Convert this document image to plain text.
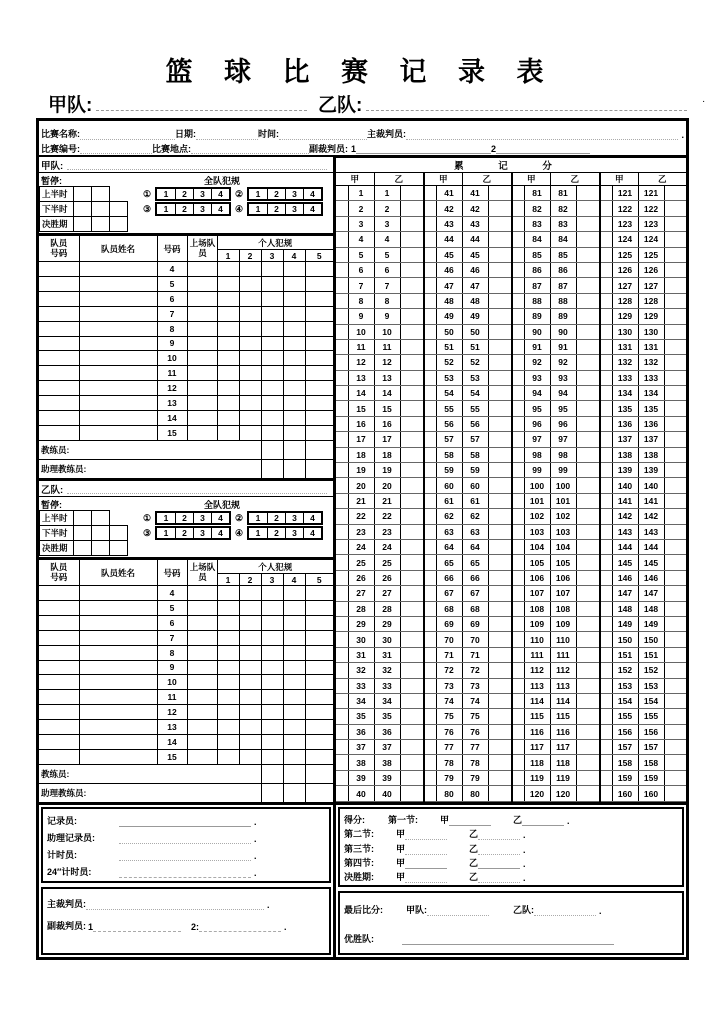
篮 球 比 赛 记 录 表
甲队:	乙队:	.
比赛名称:	日期:	时间:	主裁判员:	.
比赛编号:	比赛地点:	副裁判员: 1	2
甲队:
暂停:	全队犯规
上半时	①	1	2	3	4	②	1	2	3	4
下半时	③	1	2	3	4	④	1	2	3	4
决胜期
队员号码	队员姓名	号码	上场队员	个人犯规				
				1	2	3	4	5
		4						
		5						
		6						
		7						
		8						
		9						
		10						
		11						
		12						
		13						
		14						
		15						
教练员:								
助理教练员:								
乙队:
暂停:	全队犯规
上半时	①	1	2	3	4	②	1	2	3	4
下半时	③	1	2	3	4	④	1	2	3	4
决胜期
队员号码	队员姓名	号码	上场队员	个人犯规				
				1	2	3	4	5
		4						
		5						
		6						
		7						
		8						
		9						
		10						
		11						
		12						
		13						
		14						
		15						
教练员:								
助理教练员:								
累 记 分															
甲		乙		甲		乙		甲		乙		甲		乙	
	1	1			41	41			81	81			121	121	
	2	2			42	42			82	82			122	122	
	3	3			43	43			83	83			123	123	
	4	4			44	44			84	84			124	124	
	5	5			45	45			85	85			125	125	
	6	6			46	46			86	86			126	126	
	7	7			47	47			87	87			127	127	
	8	8			48	48			88	88			128	128	
	9	9			49	49			89	89			129	129	
	10	10			50	50			90	90			130	130	
	11	11			51	51			91	91			131	131	
	12	12			52	52			92	92			132	132	
	13	13			53	53			93	93			133	133	
	14	14			54	54			94	94			134	134	
	15	15			55	55			95	95			135	135	
	16	16			56	56			96	96			136	136	
	17	17			57	57			97	97			137	137	
	18	18			58	58			98	98			138	138	
	19	19			59	59			99	99			139	139	
	20	20			60	60			100	100			140	140	
	21	21			61	61			101	101			141	141	
	22	22			62	62			102	102			142	142	
	23	23			63	63			103	103			143	143	
	24	24			64	64			104	104			144	144	
	25	25			65	65			105	105			145	145	
	26	26			66	66			106	106			146	146	
	27	27			67	67			107	107			147	147	
	28	28			68	68			108	108			148	148	
	29	29			69	69			109	109			149	149	
	30	30			70	70			110	110			150	150	
	31	31			71	71			111	111			151	151	
	32	32			72	72			112	112			152	152	
	33	33			73	73			113	113			153	153	
	34	34			74	74			114	114			154	154	
	35	35			75	75			115	115			155	155	
	36	36			76	76			116	116			156	156	
	37	37			77	77			117	117			157	157	
	38	38			78	78			118	118			158	158	
	39	39			79	79			119	119			159	159	
	40	40			80	80			120	120			160	160	
记录员:	.
助理记录员:	.
计时员:	.
24″计时员:	.
主裁判员:	.
副裁判员: 1	2:	.
得分:	第一节:	甲	乙	.
第二节:	甲	乙	.
第三节:	甲	乙	.
第四节:	甲	乙	.
决胜期:	甲	乙	.
最后比分:	甲队:	乙队:	.
优胜队:
